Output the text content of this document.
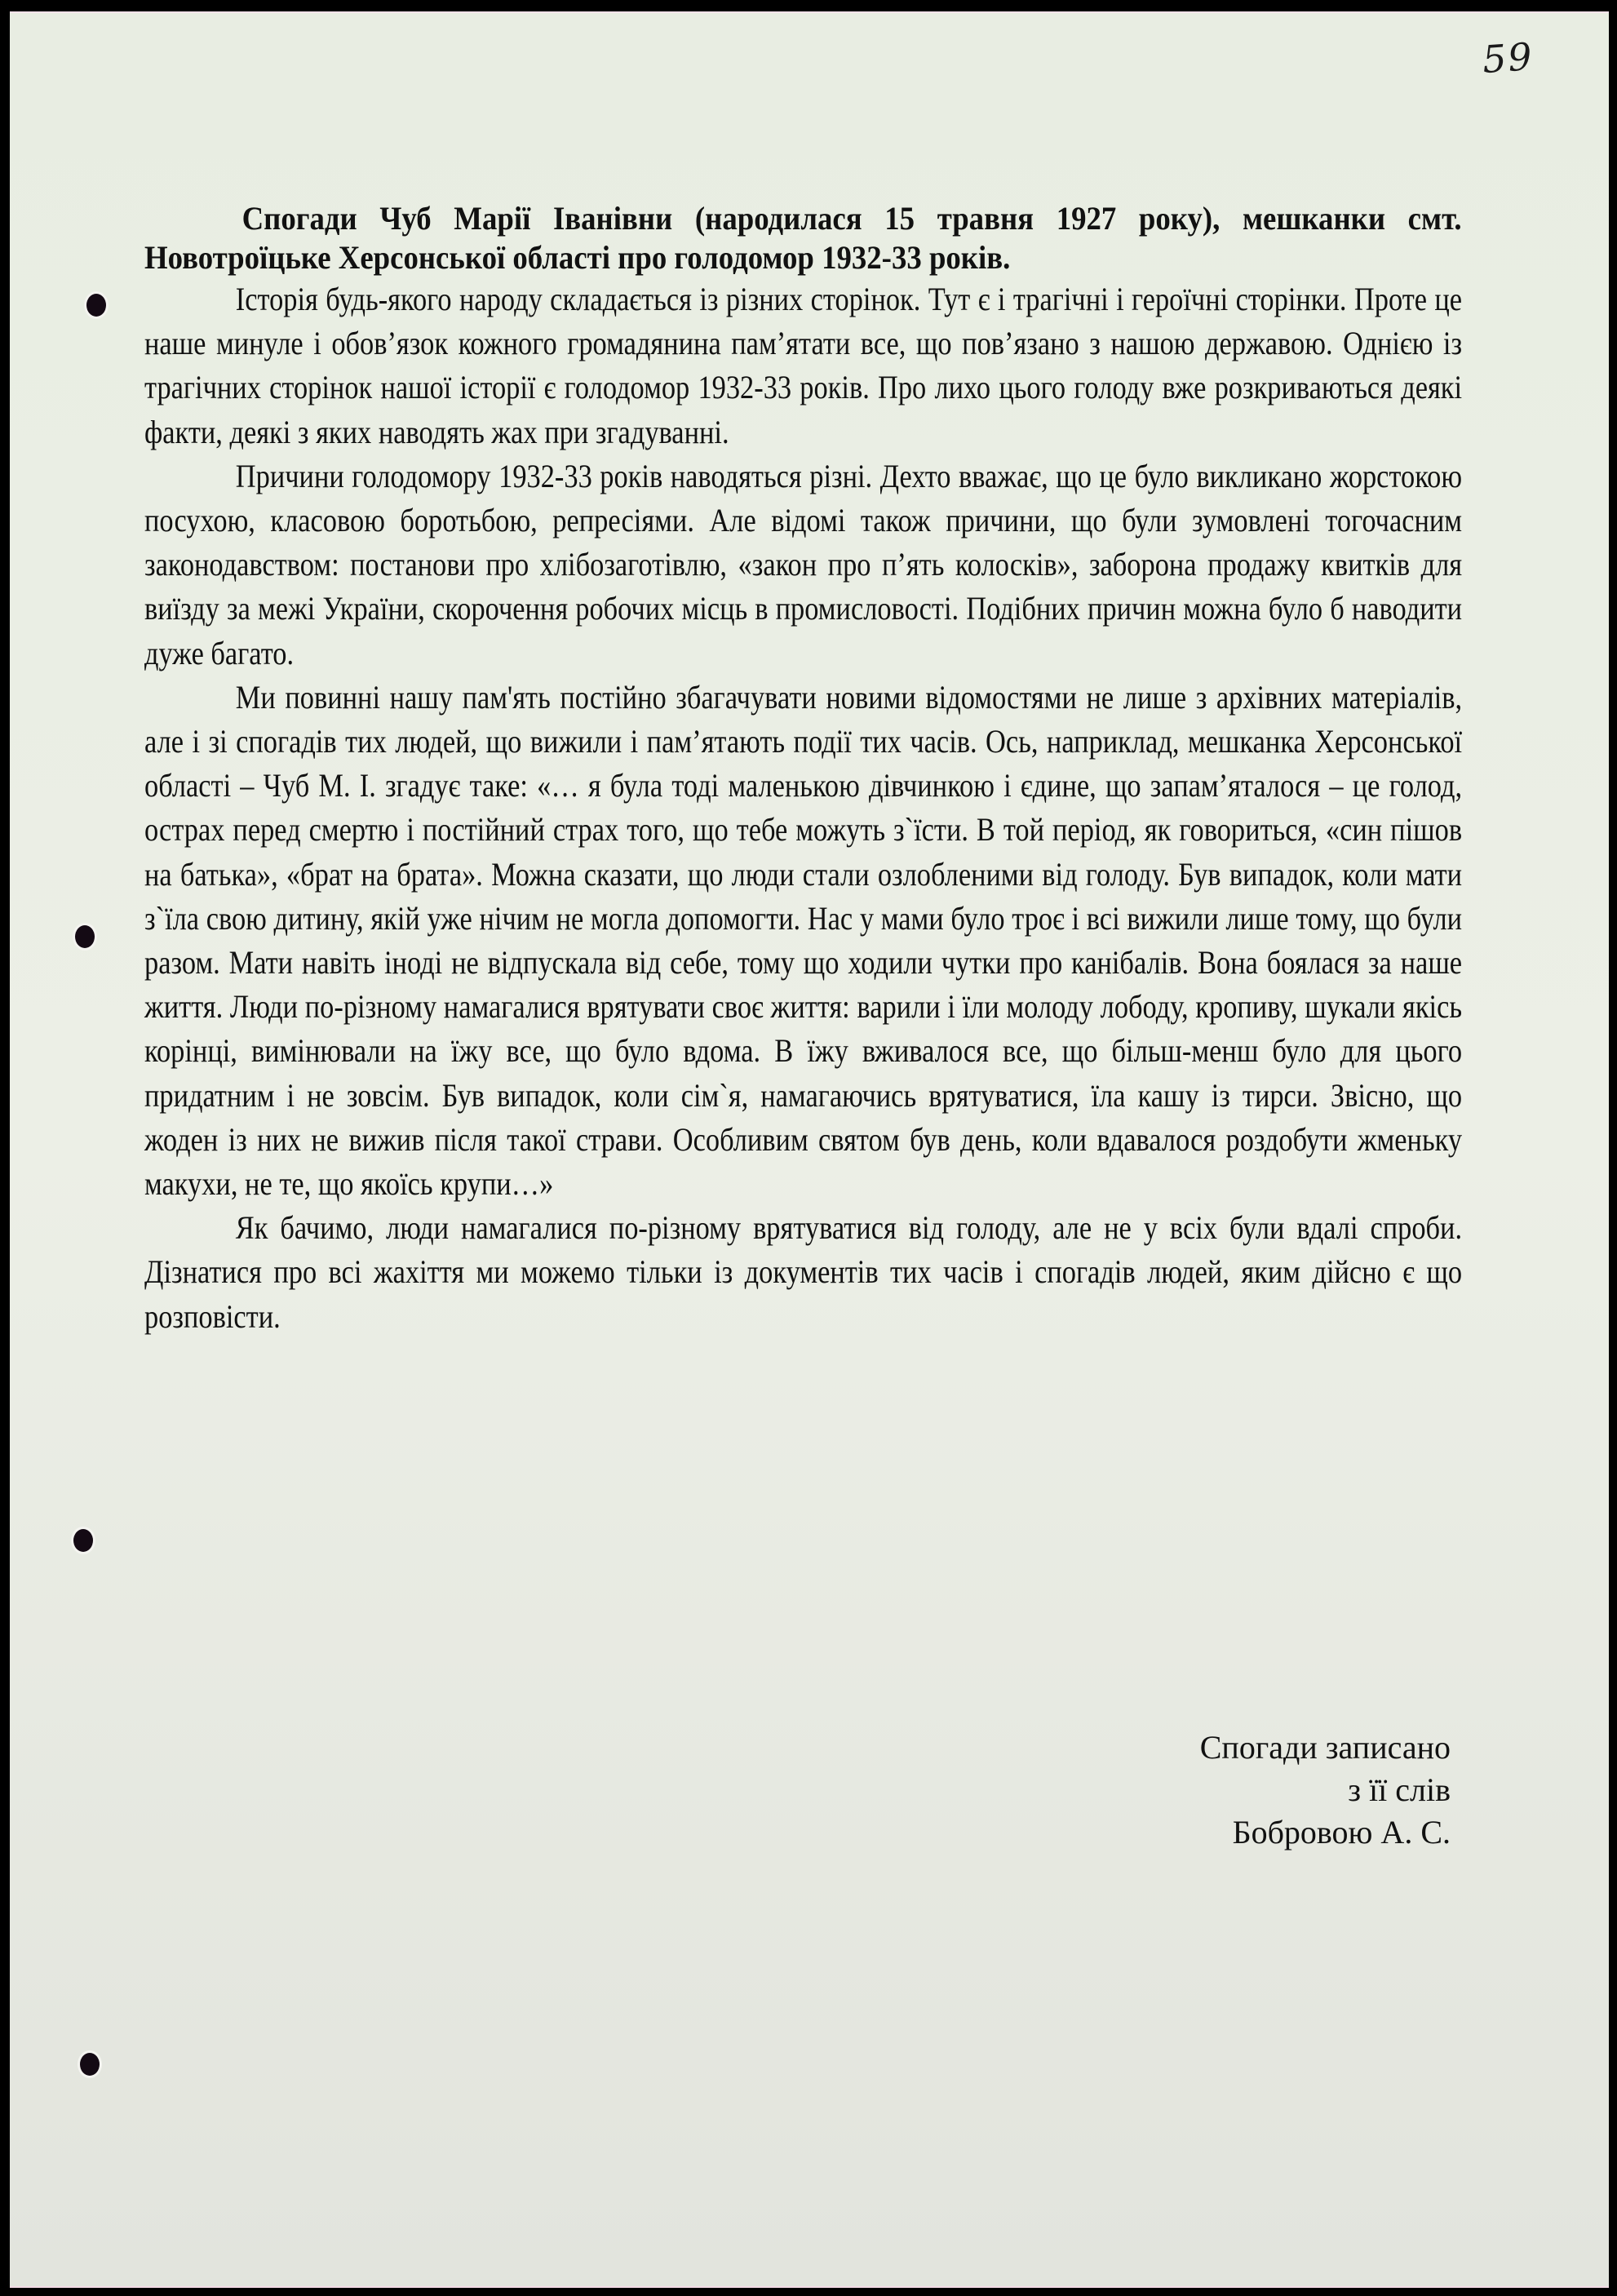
59

Спогади Чуб Марії Іванівни (народилася 15 травня 1927 року), мешканки смт. Новотроїцьке Херсонської області про голодомор 1932-33 років.

Історія будь-якого народу складається із різних сторінок. Тут є і трагічні і героїчні сторінки. Проте це наше минуле і обов’язок кожного громадянина пам’ятати все, що пов’язано з нашою державою. Однією із трагічних сторінок нашої історії є голодомор 1932-33 років. Про лихо цього голоду вже розкриваються деякі факти, деякі з яких наводять жах при згадуванні.

Причини голодомору 1932-33 років наводяться різні. Дехто вважає, що це було викликано жорстокою посухою, класовою боротьбою, репресіями. Але відомі також причини, що були зумовлені тогочасним законодавством: постанови про хлібозаготівлю, «закон про п’ять колосків», заборона продажу квитків для виїзду за межі України, скорочення робочих місць в промисловості. Подібних причин можна було б наводити дуже багато.

Ми повинні нашу пам'ять постійно збагачувати новими відомостями не лише з архівних матеріалів, але і зі спогадів тих людей, що вижили і пам’ятають події тих часів. Ось, наприклад, мешканка Херсонської області – Чуб М. І. згадує таке: «… я була тоді маленькою дівчинкою і єдине, що запам’яталося – це голод, острах перед смертю і постійний страх того, що тебе можуть з`їсти. В той період, як говориться, «син пішов на батька», «брат на брата». Можна сказати, що люди стали озлобленими від голоду. Був випадок, коли мати з`їла свою дитину, якій уже нічим не могла допомогти. Нас у мами було троє і всі вижили лише тому, що були разом. Мати навіть іноді не відпускала від себе, тому що ходили чутки про канібалів. Вона боялася за наше життя. Люди по-різному намагалися врятувати своє життя: варили і їли молоду лободу, кропиву, шукали якісь корінці, вимінювали на їжу все, що було вдома. В їжу вживалося все, що більш-менш було для цього придатним і не зовсім. Був випадок, коли сім`я, намагаючись врятуватися, їла кашу із тирси. Звісно, що жоден із них не вижив після такої страви. Особливим святом був день, коли вдавалося роздобути жменьку макухи, не те, що якоїсь крупи…»

Як бачимо, люди намагалися по-різному врятуватися від голоду, але не у всіх були вдалі спроби. Дізнатися про всі жахіття ми можемо тільки із документів тих часів і спогадів людей, яким дійсно є що розповісти.

Спогади записано
з її слів
Бобровою А. С.
